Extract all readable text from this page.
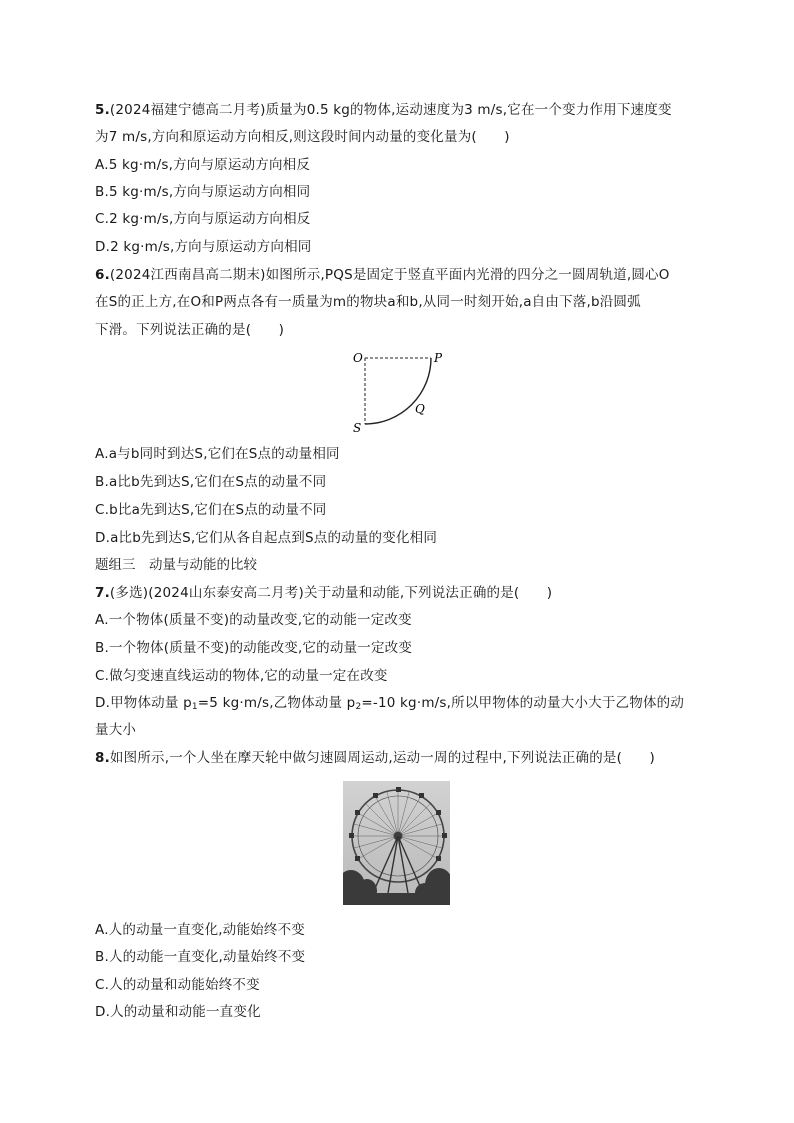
5.(2024福建宁德高二月考)质量为0.5 kg的物体,运动速度为3 m/s,它在一个变力作用下速度变
为7 m/s,方向和原运动方向相反,则这段时间内动量的变化量为(　　)
A.5 kg·m/s,方向与原运动方向相反
B.5 kg·m/s,方向与原运动方向相同
C.2 kg·m/s,方向与原运动方向相反
D.2 kg·m/s,方向与原运动方向相同
6.(2024江西南昌高二期末)如图所示,PQS是固定于竖直平面内光滑的四分之一圆周轨道,圆心O
在S的正上方,在O和P两点各有一质量为m的物块a和b,从同一时刻开始,a自由下落,b沿圆弧
下滑。下列说法正确的是(　　)
O	P
Q
S
A.a与b同时到达S,它们在S点的动量相同
B.a比b先到达S,它们在S点的动量不同
C.b比a先到达S,它们在S点的动量不同
D.a比b先到达S,它们从各自起点到S点的动量的变化相同
题组三　动量与动能的比较
7.(多选)(2024山东泰安高二月考)关于动量和动能,下列说法正确的是(　　)
A.一个物体(质量不变)的动量改变,它的动能一定改变
B.一个物体(质量不变)的动能改变,它的动量一定改变
C.做匀变速直线运动的物体,它的动量一定在改变
D.甲物体动量 $p_1=5$ kg·m/s,乙物体动量 $p_2=-10$ kg·m/s,所以甲物体的动量大小大于乙物体的动
量大小
8.如图所示,一个人坐在摩天轮中做匀速圆周运动,运动一周的过程中,下列说法正确的是(　　)
A.人的动量一直变化,动能始终不变
B.人的动能一直变化,动量始终不变
C.人的动量和动能始终不变
D.人的动量和动能一直变化
